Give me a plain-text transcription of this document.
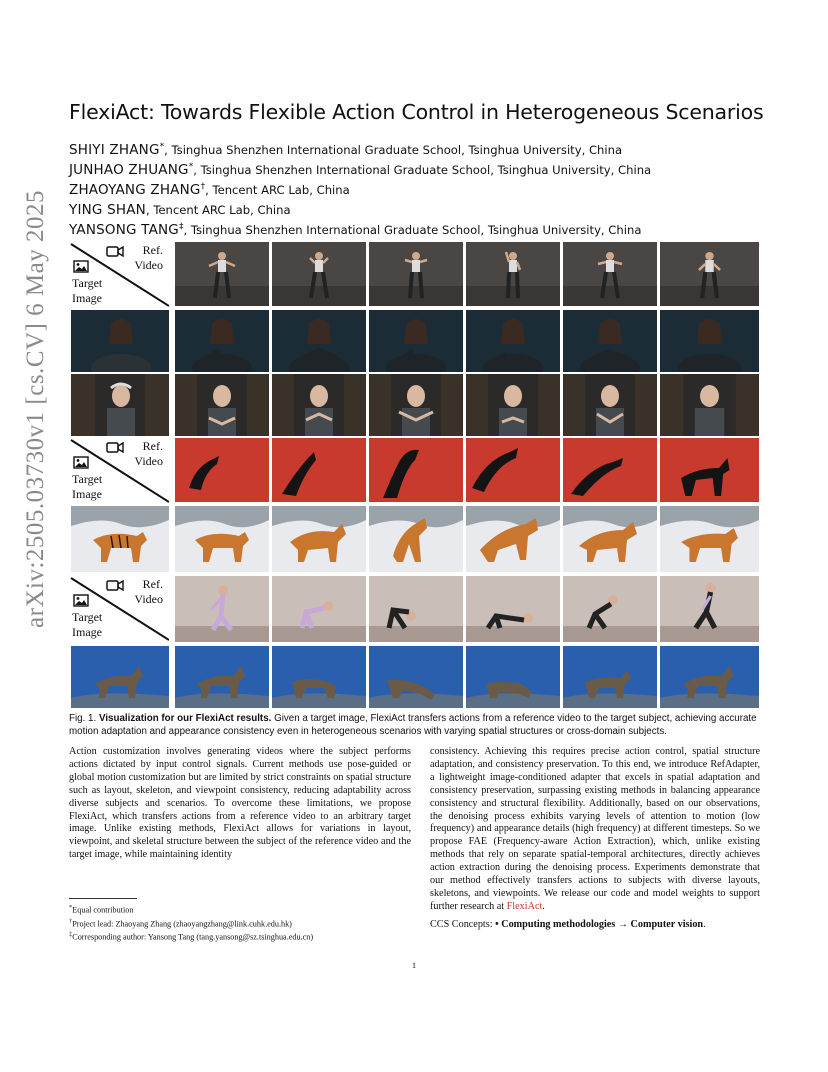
arXiv:2505.03730v1 [cs.CV] 6 May 2025
FlexiAct: Towards Flexible Action Control in Heterogeneous Scenarios
SHIYI ZHANG*, Tsinghua Shenzhen International Graduate School, Tsinghua University, China
JUNHAO ZHUANG*, Tsinghua Shenzhen International Graduate School, Tsinghua University, China
ZHAOYANG ZHANG†, Tencent ARC Lab, China
YING SHAN, Tencent ARC Lab, China
YANSONG TANG‡, Tsinghua Shenzhen International Graduate School, Tsinghua University, China
Ref.
Video
Target
Image
Ref.
Video
Target
Image
Ref.
Video
Target
Image
Fig. 1. Visualization for our FlexiAct results. Given a target image, FlexiAct transfers actions from a reference video to the target subject, achieving accurate motion adaptation and appearance consistency even in heterogeneous scenarios with varying spatial structures or cross-domain subjects.

Action customization involves generating videos where the subject performs actions dictated by input control signals. Current methods use pose-guided or global motion customization but are limited by strict constraints on spatial structure such as layout, skeleton, and viewpoint consistency, reducing adaptability across diverse subjects and scenarios. To overcome these limitations, we propose FlexiAct, which transfers actions from a reference video to an arbitrary target image. Unlike existing methods, FlexiAct allows for variations in layout, viewpoint, and skeletal structure between the subject of the reference video and the target image, while maintaining identity

consistency. Achieving this requires precise action control, spatial structure adaptation, and consistency preservation. To this end, we introduce RefAdapter, a lightweight image-conditioned adapter that excels in spatial adaptation and consistency preservation, surpassing existing methods in balancing appearance consistency and structural flexibility. Additionally, based on our observations, the denoising process exhibits varying levels of attention to motion (low frequency) and appearance details (high frequency) at different timesteps. So we propose FAE (Frequency-aware Action Extraction), which, unlike existing methods that rely on separate spatial-temporal architectures, directly achieves action extraction during the denoising process. Experiments demonstrate that our method effectively transfers actions to subjects with diverse layouts, skeletons, and viewpoints. We release our code and model weights to support further research at FlexiAct.

CCS Concepts: • Computing methodologies → Computer vision.

*Equal contribution
†Project lead: Zhaoyang Zhang (zhaoyangzhang@link.cuhk.edu.hk)
‡Corresponding author: Yansong Tang (tang.yansong@sz.tsinghua.edu.cn)
1
